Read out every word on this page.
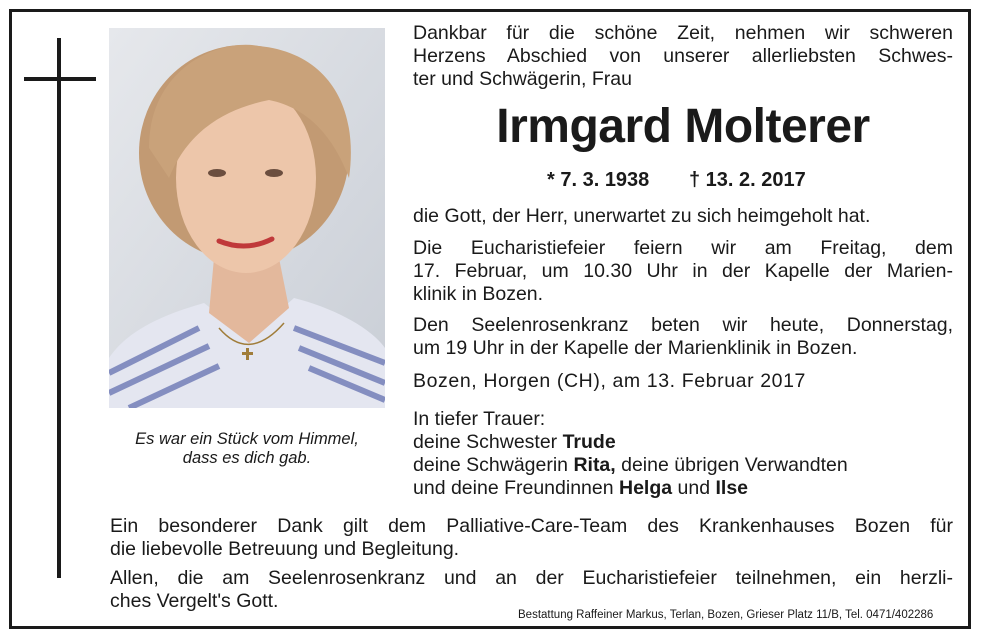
Es war ein Stück vom Himmel,
dass es dich gab.
Dankbar für die schöne Zeit, nehmen wir schweren
Herzens Abschied von unserer allerliebsten Schwes-
ter und Schwägerin, Frau
Irmgard Molterer
* 7. 3. 1938 † 13. 2. 2017
die Gott, der Herr, unerwartet zu sich heimgeholt hat.
Die Eucharistiefeier feiern wir am Freitag, dem
17. Februar, um 10.30 Uhr in der Kapelle der Marien-
klinik in Bozen.
Den Seelenrosenkranz beten wir heute, Donnerstag,
um 19 Uhr in der Kapelle der Marienklinik in Bozen.
Bozen, Horgen (CH), am 13. Februar 2017
In tiefer Trauer:
deine Schwester Trude
deine Schwägerin Rita, deine übrigen Verwandten
und deine Freundinnen Helga und Ilse
Ein besonderer Dank gilt dem Palliative-Care-Team des Krankenhauses Bozen für
die liebevolle Betreuung und Begleitung.
Allen, die am Seelenrosenkranz und an der Eucharistiefeier teilnehmen, ein herzli-
ches Vergelt's Gott.
Bestattung Raffeiner Markus, Terlan, Bozen, Grieser Platz 11/B, Tel. 0471/402286
